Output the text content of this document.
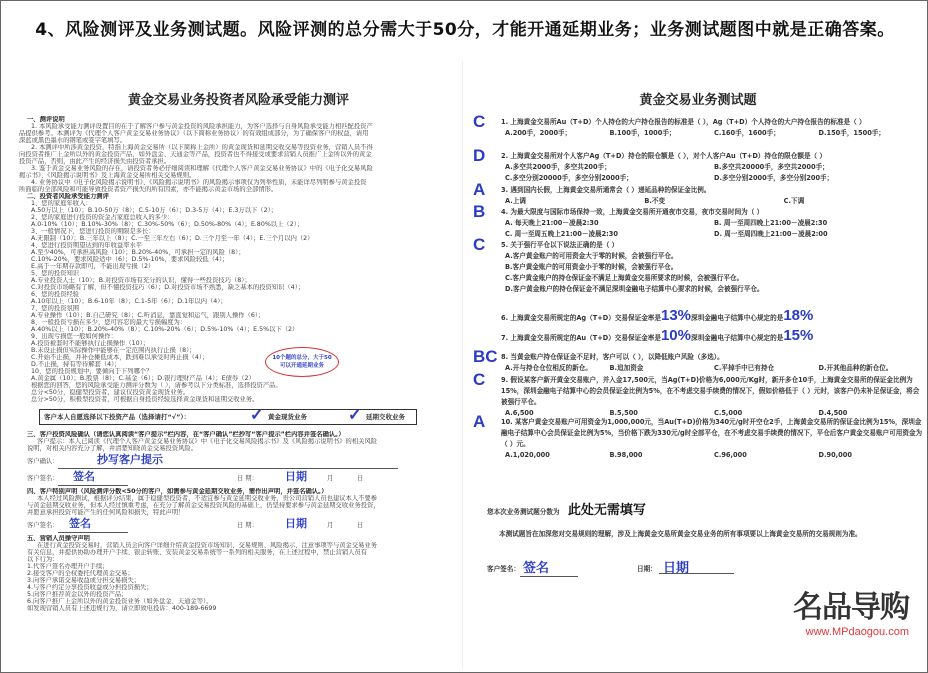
4、风险测评及业务测试题。风险评测的总分需大于50分，才能开通延期业务；业务测试题图中就是正确答案。
黄金交易业务投资者风险承受能力测评
一、测评说明
1. 本风险承受能力测评设置目的在于了解客户参与黄金投资的风险承担能力，为客户选择与自身风险承受能力相匹配投资产
品提供参考。本测评为《代理个人客户黄金交易业务协议》（以下简称业务协议）的有效组成部分，为了确保客户的权益，请用
深蓝或黑色墨水的钢笔或签字笔填写。
2. 本测评中所涉黄金投资，特指上海黄金交易所（以下简称上金所）的黄金现货和延期交收交易等投资业务，营销人员不得
向投资者推广上金所以外的黄金投资产品，如外盘金、天通金等产品，投资者也不得接受或要求营销人员推广上金所以外的黄金
投资产品，否则，由此产生的经济损失由投资者承担。
3. 鉴于黄金交易业务风险的存在，请投资者务必仔细阅读和理解《代理个人客户黄金交易业务协议》中的《电子化交易风险
揭示书》、《风险揭示说明书》及上海黄金交易所相关交易规则。
4. 业务协议中《电子化风险揭示说明书》、《风险揭示说明书》的风险揭示事项仅为列举性质，未能详尽列明参与黄金投资
所面临的全部风险和可能导致投资者资产损失的所有因素，亦不能揭示黄金市场的全部情形。
二、投资者风险承受能力测评
1、您的家庭年收入：
A.50万以上（10）；B.10-50万（8）；C.5-10万（6）；D.3-5万（4）；E.3万以下（2）；
2、您的家庭进行投资的资金占家庭总收入的多少：
A.0-10%（10）；B.10%-30%（8）；C.30%-50%（6）；D.50%-80%（4）；E.80%以上（2）；
3、一般情况下，您进行投资的期限是多长：
A.无限制（10）；B.三年以上（8）；C.一至三年左右（6）；D.三个月至一年（4）；E.三个月以内（2）
4、您进行投资期望达到的年收益率水平
A.至少40%，可承担高风险（10）；B.20%-40%，可承担一定的风险（8）；
C.10%-20%，要求风险适中（6）；D.5%-10%，要求风险较低（4）；
E.高于一年期存款即可，不能出现亏损（2）
5、您的投资知识
A.专业投资人士（10）；B.对投资市场有充分的认识，懂得一些投资技巧（8）；
C.对投资市场略有了解，但不懂投资技巧（6）；D.对投资市场不熟悉，缺乏基本的投资知识（4）；
6、您的投资经验
A.10年以上（10）；B.6-10年（8）；C.1-5年（6）；D.1年以内（4）；
7、您的投资氛围
A.专业操作（10）；B.自己研究（8）；C.听消息，靠直觉和运气，跟别人操作（6）；
8、一般投资亏损在多少，您可容忍的最大亏损幅度为：
A.40%以上（10）；B.20%-40%（8）；C.10%-20%（6）；D.5%-10%（4）；E.5%以下（2）
9、出现亏损您一般如何操作：
A.投资被套时不能够执行止损操作（10）；
B.未设止损但实际操作中能够在一定范围内执行止损（8）；
C.开始不止损，并补仓摊低成本，跌到难以承受时再止损（4）；
D.不止损，持有等待解套（4）；
10、您的投资规划中，要倾向于下列哪个？
A.黄金属（10）；B.股票（8）；C.基金（6）；D.银行理财产品（4）；E债券（2）
根据您的回答，您的风险承受能力测评分数为（ ），请参考以下分类标准，选择投资产品。
总分<50分，稳健型投资者，建议仅投资黄金现货业务。
总分>50分，积极型投资者，可根据自身投资经验选择黄金现货和延期交收业务。
10个题的总分，大于50可以开通延期业务
客户本人自愿选择以下投资产品（选择请打“√”）：	✓ 黄金现货业务	✓ 延期交收业务
三、客户投资风险确认（请您认真阅读“客户提示”栏内容，在“客户确认”栏抄写“客户提示”栏内容并签名确认。）
客户提示：本人已阅读《代理个人客户黄金交易业务协议》中《电子化交易风险揭示书》及《风险揭示说明书》的相关风险
说明，对相关内容充分了解，并清楚知晓黄金交易投资风险。
客户确认：	抄写客户提示
客户签名： 签名	日 期： 日期	月	日
四、客户特别声明（风险测评分数<50分的客户，如需参与黄金延期交收业务，需作出声明，并签名确认。）
本人经过风险测试，根据评分结果，属于稳健型投资者，不适宜参与黄金延期交收业务，贵公司营销人员也建议本人不要参
与黄金延期交收业务，但本人经过慎重考虑，在充分了解黄金交易投资风险的基础上，仍坚持要求参与黄金延期交收业务投资，
并愿意承担投资可能产生的任何风险和损失，特此声明！
客户签名： 签名	日 期： 日期	月	日
五、营销人员操守声明
在进行黄金投资交易时，营销人员会向客户详细介绍黄金投资市场知识、交易规则、风险揭示、注意事项等与黄金交易业务
有关信息，并提供协助办理开户手续、银企转账、安装黄金交易系统等一系列的相关服务，在上述过程中，禁止营销人员有
以下行为：
1.代客户签名办理开户手续；
2.接受客户的全权委托代理黄金交易；
3.向客户承诺交易收益或分担交易损失；
4.与客户约定分享投资收益或分担投资损失；
5.向客户推荐黄金以外的投资产品；
6.向客户推广上金所以外的黄金投资业务（如外盘金、天通金等）。
如发现营销人员有上述违规行为，请立即致电投诉：400-189-6699
黄金交易业务测试题
C	1. 上海黄金交易所Au（T+D）个人持仓的大户持仓报告的标准是（ ），Ag（T+D）个人持仓的大户持仓报告的标准是（ ）
A.200手，2000手；	B.100手，1000手；	C.160手，1600手；	D.150手，1500手；
D	2. 上海黄金交易所对个人客户Ag（T+D）持仓的限仓额是（ ），对个人客户Au（T+D）持仓的限仓额是（ ）
A.多空共2000手，多空共200手；	B.多空共20000手，多空共2000手；
C.多空分别20000手，多空分别2000手；	D.多空分别2000手，多空分别200手；
A	3. 遇到国内长假，上海黄金交易所通常会（ ）递延品种的保证金比例。
A.上调	B.不变	C.下调
B	4. 为最大限度与国际市场保持一致，上海黄金交易所开通夜市交易，夜市交易时间为（ ）
A. 每天晚上21:00－凌晨2:30	B. 周一至周四晚上21:00－凌晨2:30
C. 周一至周五晚上21:00－凌晨2:30	D. 周一至周四晚上21:00－凌晨2:00
C	5. 关于强行平仓以下说法正确的是（ ）
A.客户黄金账户的可用资金大于零的时候，会被强行平仓。
B.客户黄金账户的可用资金小于零的时候，会被强行平仓。
C.客户黄金账户的持仓保证金不满足上海黄金交易所要求的时候，会被强行平仓。
D.客户黄金账户的持仓保证金不满足深圳金融电子结算中心要求的时候，会被强行平仓。
6. 上海黄金交易所规定的Ag（T+D）交易保证金率是13%深圳金融电子结算中心规定的是18%
7. 上海黄金交易所规定的Au（T+D）交易保证金率是10%深圳金融电子结算中心规定的是15%
BC 8. 当黄金账户持仓保证金不足时，客户可以（ ），以降低账户风险（多选）。
A.开与持仓仓位相反的新仓。	B.追加资金	C.平掉手中已有持仓	D.开其他品种的新仓位。
C	9. 假设某客户新开黄金交易账户，并入金17,500元，当Ag(T+D)价格为6,000元/Kg时，新开多仓10手，上海黄金交易所的保证金比例为15%，深圳金融电子结算中心的会员保证金比例为5%，在不考虑交易手续费的情况下，假如价格低于（ ）元时，该客户仍未补足保证金，将会被强行平仓。
A.6,500	B.5,500	C.5,000	D.4,500
A	10. 某客户黄金交易账户可用资金为1,000,000元，当Au(T+D)价格为340元/g时开空仓2手，上海黄金交易所的保证金比例为15%，深圳金融电子结算中心会员保证金比例为5%，当价格下跌为330元/g时全部平仓，在不考虑交易手续费的情况下，平仓后客户黄金交易账户可用资金为（ ）元。
A.1,020,000	B.98,000	C.96,000	D.90,000
您本次业务测试题分数为 此处无需填写
本测试题旨在加深您对交易规则的理解，涉及上海黄金交易所黄金交易业务的所有事项要以上海黄金交易所的交易规则为准。
客户签名： 签名	日期： 日期
名品导购
www.MPdaogou.com
